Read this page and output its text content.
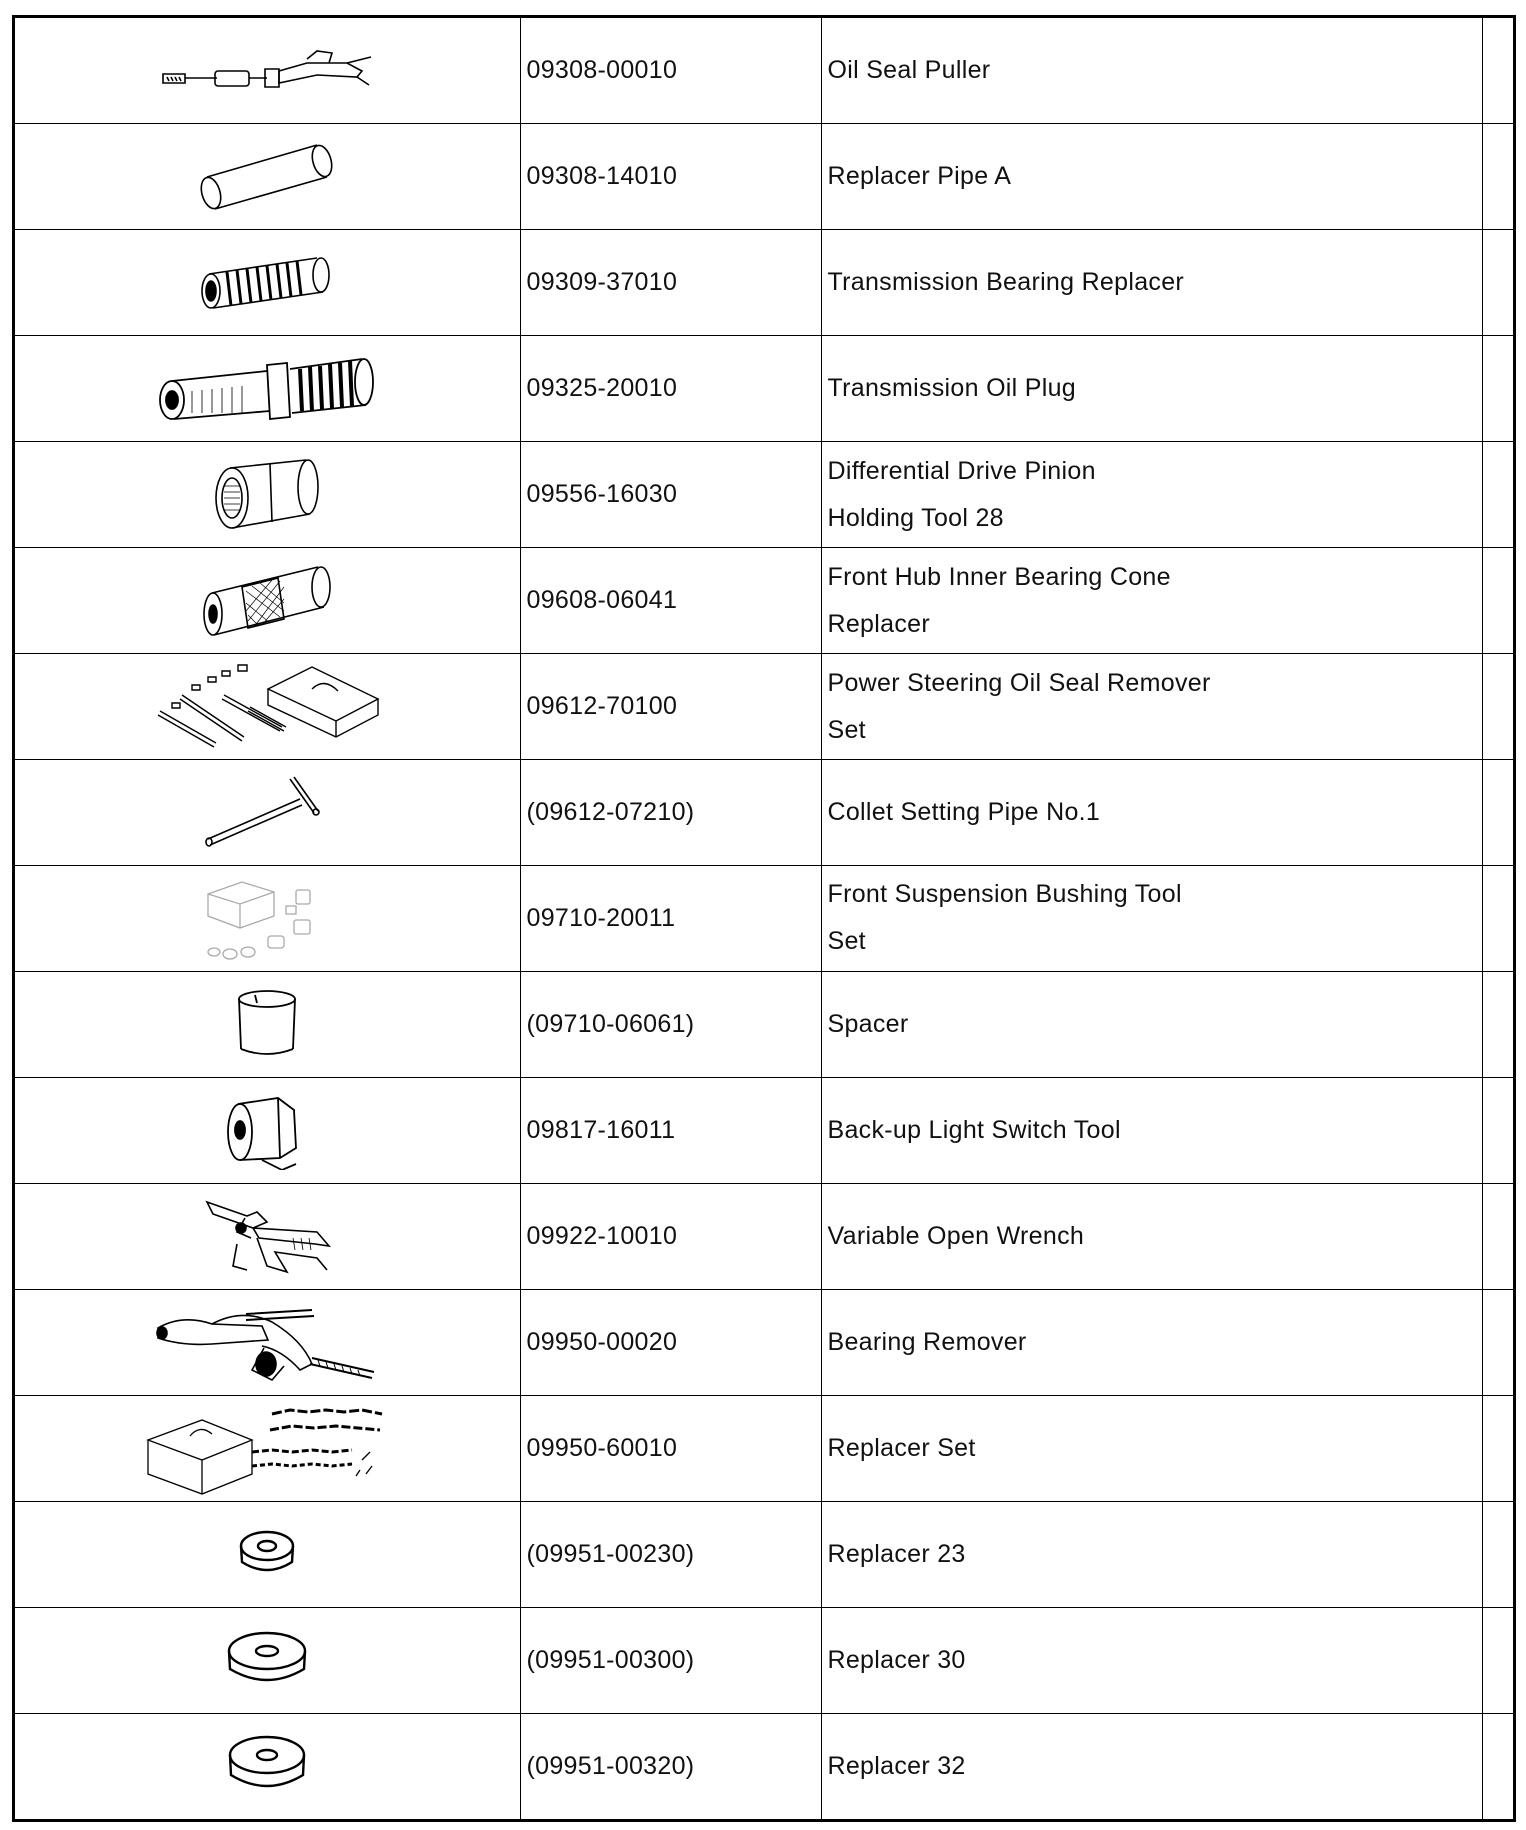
	09308-00010	Oil Seal Puller	

	09308-14010	Replacer Pipe A	

	09309-37010	Transmission Bearing Replacer	

	09325-20010	Transmission Oil Plug	

	09556-16030	Differential Drive Pinion
Holding Tool 28	

	09608-06041	Front Hub Inner Bearing Cone
Replacer	

	09612-70100	Power Steering Oil Seal Remover
Set	

	(09612-07210)	Collet Setting Pipe No.1	

	09710-20011	Front Suspension Bushing Tool
Set	

	(09710-06061)	Spacer	

	09817-16011	Back-up Light Switch Tool	

	09922-10010	Variable Open Wrench	

	09950-00020	Bearing Remover	

	09950-60010	Replacer Set	

	(09951-00230)	Replacer 23	

	(09951-00300)	Replacer 30	

	(09951-00320)	Replacer 32	
